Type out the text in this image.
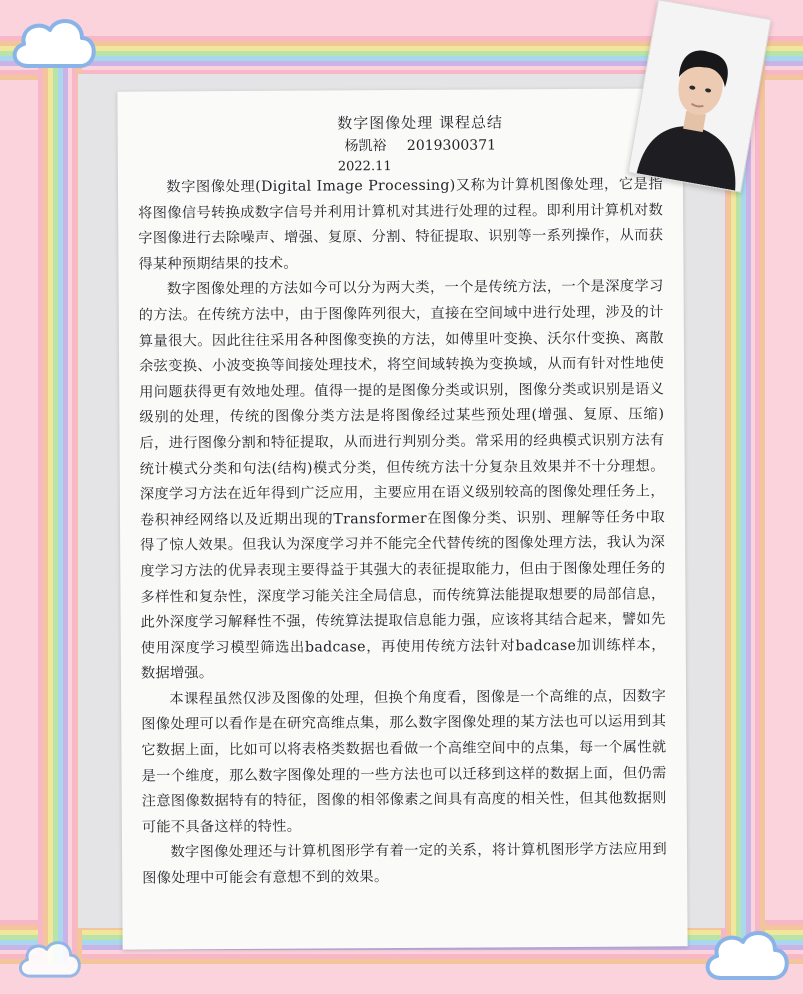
数字图像处理 课程总结
杨凯裕 2019300371
2022.11

数字图像处理(Digital Image Processing)又称为计算机图像处理，它是指将图像信号转换成数字信号并利用计算机对其进行处理的过程。即利用计算机对数字图像进行去除噪声、增强、复原、分割、特征提取、识别等一系列操作，从而获得某种预期结果的技术。

数字图像处理的方法如今可以分为两大类，一个是传统方法，一个是深度学习的方法。在传统方法中，由于图像阵列很大，直接在空间域中进行处理，涉及的计算量很大。因此往往采用各种图像变换的方法，如傅里叶变换、沃尔什变换、离散余弦变换、小波变换等间接处理技术，将空间域转换为变换域，从而有针对性地使用问题获得更有效地处理。值得一提的是图像分类或识别，图像分类或识别是语义级别的处理，传统的图像分类方法是将图像经过某些预处理(增强、复原、压缩)后，进行图像分割和特征提取，从而进行判别分类。常采用的经典模式识别方法有统计模式分类和句法(结构)模式分类，但传统方法十分复杂且效果并不十分理想。深度学习方法在近年得到广泛应用，主要应用在语义级别较高的图像处理任务上，卷积神经网络以及近期出现的Transformer在图像分类、识别、理解等任务中取得了惊人效果。但我认为深度学习并不能完全代替传统的图像处理方法，我认为深度学习方法的优异表现主要得益于其强大的表征提取能力，但由于图像处理任务的多样性和复杂性，深度学习能关注全局信息，而传统算法能提取想要的局部信息，此外深度学习解释性不强，传统算法提取信息能力强，应该将其结合起来，譬如先使用深度学习模型筛选出badcase，再使用传统方法针对badcase加训练样本，数据增强。

本课程虽然仅涉及图像的处理，但换个角度看，图像是一个高维的点，因数字图像处理可以看作是在研究高维点集，那么数字图像处理的某方法也可以运用到其它数据上面，比如可以将表格类数据也看做一个高维空间中的点集，每一个属性就是一个维度，那么数字图像处理的一些方法也可以迁移到这样的数据上面，但仍需注意图像数据特有的特征，图像的相邻像素之间具有高度的相关性，但其他数据则可能不具备这样的特性。

数字图像处理还与计算机图形学有着一定的关系，将计算机图形学方法应用到图像处理中可能会有意想不到的效果。
